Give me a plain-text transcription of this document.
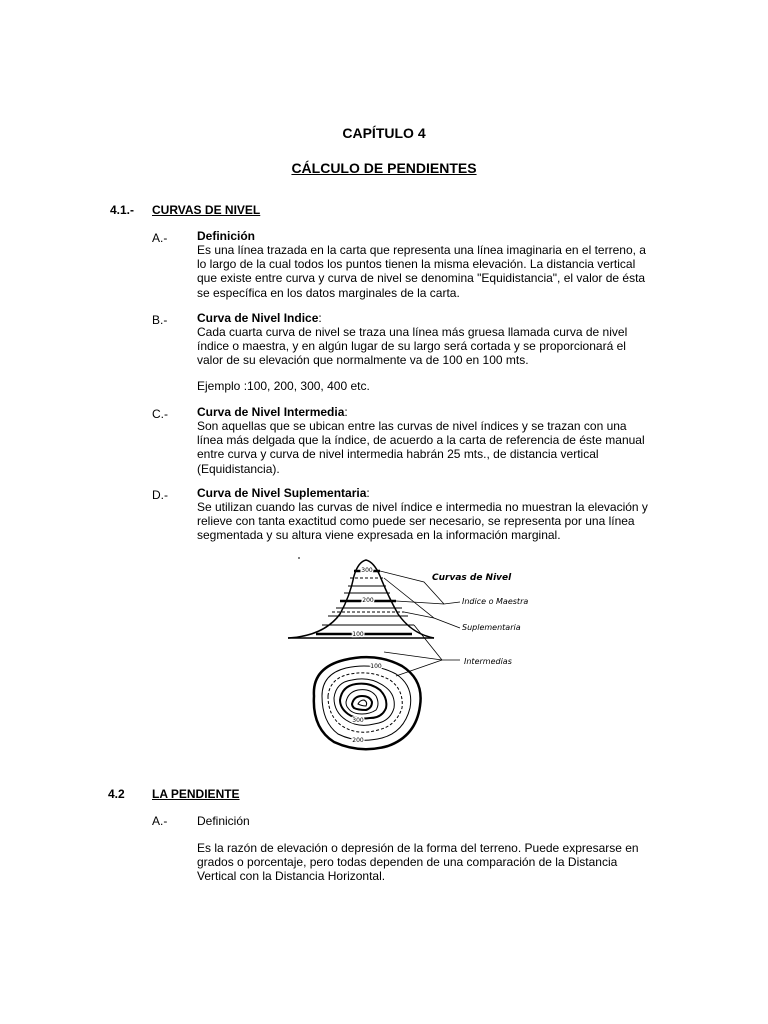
CAPÍTULO 4
CÁLCULO DE PENDIENTES
4.1.- CURVAS DE NIVEL
A.- Definición
Es una línea trazada en la carta que representa una línea imaginaria en el terreno, a
lo largo de la cual todos los puntos tienen la misma elevación. La distancia vertical
que existe entre curva y curva de nivel se denomina "Equidistancia", el valor de ésta
se específica en los datos marginales de la carta.
B.- Curva de Nivel Indice:
Cada cuarta curva de nivel se traza una línea más gruesa llamada curva de nivel
índice o maestra, y en algún lugar de su largo será cortada y se proporcionará el
valor de su elevación que normalmente va de 100 en 100 mts.
Ejemplo :100, 200, 300, 400 etc.
C.- Curva de Nivel Intermedia:
Son aquellas que se ubican entre las curvas de nivel índices y se trazan con una
línea más delgada que la índice, de acuerdo a la carta de referencia de éste manual
entre curva y curva de nivel intermedia habrán 25 mts., de distancia vertical
(Equidistancia).
D.- Curva de Nivel Suplementaria:
Se utilizan cuando las curvas de nivel índice e intermedia no muestran la elevación y
relieve con tanta exactitud como puede ser necesario, se representa por una línea
segmentada y su altura viene expresada en la información marginal.
300
200
100
Curvas de Nivel
Indice o Maestra
Suplementaria
Intermedias
100
300
200
4.2 LA PENDIENTE
A.- Definición
Es la razón de elevación o depresión de la forma del terreno. Puede expresarse en
grados o porcentaje, pero todas dependen de una comparación de la Distancia
Vertical con la Distancia Horizontal.
